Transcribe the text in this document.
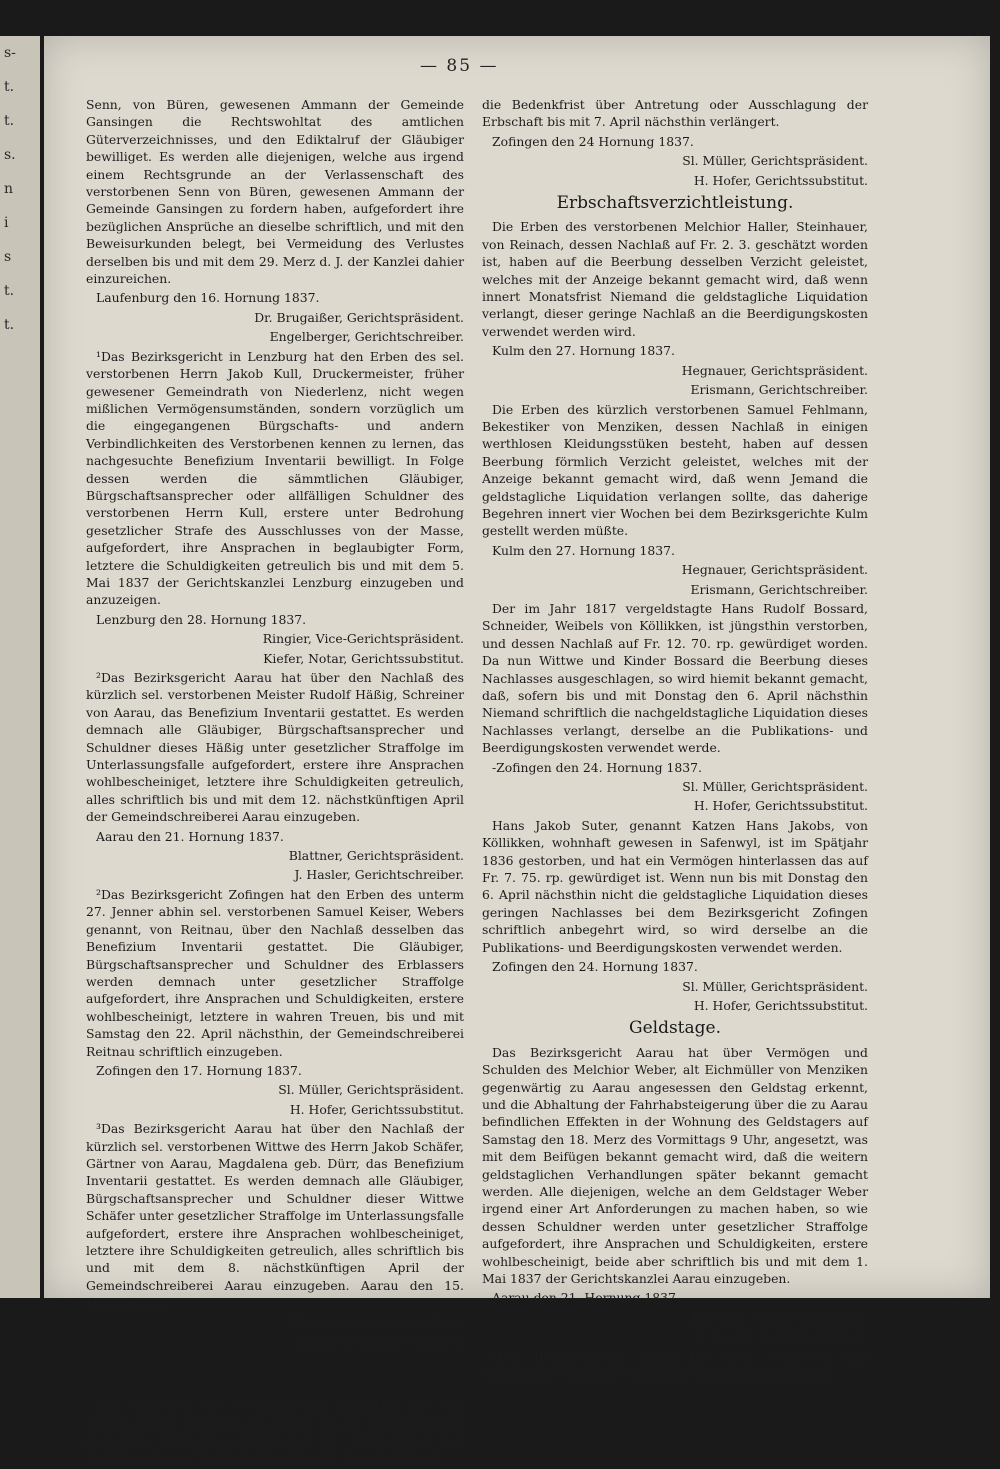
s-
t.
t.
s.
n
i
s
t.
t.
— 85 —

Senn, von Büren, gewesenen Ammann der Gemeinde Gansingen die Rechtswohltat des amtlichen Güterverzeichnisses, und den Ediktalruf der Gläubiger bewilliget. Es werden alle diejenigen, welche aus irgend einem Rechtsgrunde an der Verlassenschaft des verstorbenen Senn von Büren, gewesenen Ammann der Gemeinde Gansingen zu fordern haben, aufgefordert ihre bezüglichen Ansprüche an dieselbe schriftlich, und mit den Beweisurkunden belegt, bei Vermeidung des Verlustes derselben bis und mit dem 29. Merz d. J. der Kanzlei dahier einzureichen.

Laufenburg den 16. Hornung 1837.

Dr. Brugaißer, Gerichtspräsident.

Engelberger, Gerichtschreiber.

¹Das Bezirksgericht in Lenzburg hat den Erben des sel. verstorbenen Herrn Jakob Kull, Druckermeister, früher gewesener Gemeindrath von Niederlenz, nicht wegen mißlichen Vermögensumständen, sondern vorzüglich um die eingegangenen Bürgschafts- und andern Verbindlichkeiten des Verstorbenen kennen zu lernen, das nachgesuchte Benefizium Inventarii bewilligt. In Folge dessen werden die sämmtlichen Gläubiger, Bürgschaftsansprecher oder allfälligen Schuldner des verstorbenen Herrn Kull, erstere unter Bedrohung gesetzlicher Strafe des Ausschlusses von der Masse, aufgefordert, ihre Ansprachen in beglaubigter Form, letztere die Schuldigkeiten getreulich bis und mit dem 5. Mai 1837 der Gerichtskanzlei Lenzburg einzugeben und anzuzeigen.

Lenzburg den 28. Hornung 1837.

Ringier, Vice-Gerichtspräsident.

Kiefer, Notar, Gerichtssubstitut.

²Das Bezirksgericht Aarau hat über den Nachlaß des kürzlich sel. verstorbenen Meister Rudolf Häßig, Schreiner von Aarau, das Benefizium Inventarii gestattet. Es werden demnach alle Gläubiger, Bürgschaftsansprecher und Schuldner dieses Häßig unter gesetzlicher Straffolge im Unterlassungsfalle aufgefordert, erstere ihre Ansprachen wohlbescheiniget, letztere ihre Schuldigkeiten getreulich, alles schriftlich bis und mit dem 12. nächstkünftigen April der Gemeindschreiberei Aarau einzugeben.

Aarau den 21. Hornung 1837.

Blattner, Gerichtspräsident.

J. Hasler, Gerichtschreiber.

²Das Bezirksgericht Zofingen hat den Erben des unterm 27. Jenner abhin sel. verstorbenen Samuel Keiser, Webers genannt, von Reitnau, über den Nachlaß desselben das Benefizium Inventarii gestattet. Die Gläubiger, Bürgschaftsansprecher und Schuldner des Erblassers werden demnach unter gesetzlicher Straffolge aufgefordert, ihre Ansprachen und Schuldigkeiten, erstere wohlbescheinigt, letztere in wahren Treuen, bis und mit Samstag den 22. April nächsthin, der Gemeindschreiberei Reitnau schriftlich einzugeben.

Zofingen den 17. Hornung 1837.

Sl. Müller, Gerichtspräsident.

H. Hofer, Gerichtssubstitut.

³Das Bezirksgericht Aarau hat über den Nachlaß der kürzlich sel. verstorbenen Wittwe des Herrn Jakob Schäfer, Gärtner von Aarau, Magdalena geb. Dürr, das Benefizium Inventarii gestattet. Es werden demnach alle Gläubiger, Bürgschaftsansprecher und Schuldner dieser Wittwe Schäfer unter gesetzlicher Straffolge im Unterlassungsfalle aufgefordert, erstere ihre Ansprachen wohlbescheiniget, letztere ihre Schuldigkeiten getreulich, alles schriftlich bis und mit dem 8. nächstkünftigen April der Gemeindschreiberei Aarau einzugeben. Aarau den 15. Hornung 1837.

Blattner, Gerichtspräsident.

J. Hasler, Gerichtschreiber.

Verlängerung des Benefizium Inventarii.

Auf Ansuchen des Gemeindraths Köllikken hat das Bezirksgericht Zofingen den Erben des zu Nigglishäusern Gemeinde Oftringen verstorbenen Hs. Jakob Suter, von Köllikken dessen Nachlaß unter Benefiz. Inventarii liegt,

die Bedenkfrist über Antretung oder Ausschlagung der Erbschaft bis mit 7. April nächsthin verlängert.

Zofingen den 24 Hornung 1837.

Sl. Müller, Gerichtspräsident.

H. Hofer, Gerichtssubstitut.

Erbschaftsverzichtleistung.

Die Erben des verstorbenen Melchior Haller, Steinhauer, von Reinach, dessen Nachlaß auf Fr. 2. 3. geschätzt worden ist, haben auf die Beerbung desselben Verzicht geleistet, welches mit der Anzeige bekannt gemacht wird, daß wenn innert Monatsfrist Niemand die geldstagliche Liquidation verlangt, dieser geringe Nachlaß an die Beerdigungskosten verwendet werden wird.

Kulm den 27. Hornung 1837.

Hegnauer, Gerichtspräsident.

Erismann, Gerichtschreiber.

Die Erben des kürzlich verstorbenen Samuel Fehlmann, Bekestiker von Menziken, dessen Nachlaß in einigen werthlosen Kleidungsstüken besteht, haben auf dessen Beerbung förmlich Verzicht geleistet, welches mit der Anzeige bekannt gemacht wird, daß wenn Jemand die geldstagliche Liquidation verlangen sollte, das daherige Begehren innert vier Wochen bei dem Bezirksgerichte Kulm gestellt werden müßte.

Kulm den 27. Hornung 1837.

Hegnauer, Gerichtspräsident.

Erismann, Gerichtschreiber.

Der im Jahr 1817 vergeldstagte Hans Rudolf Bossard, Schneider, Weibels von Köllikken, ist jüngsthin verstorben, und dessen Nachlaß auf Fr. 12. 70. rp. gewürdiget worden. Da nun Wittwe und Kinder Bossard die Beerbung dieses Nachlasses ausgeschlagen, so wird hiemit bekannt gemacht, daß, sofern bis und mit Donstag den 6. April nächsthin Niemand schriftlich die nachgeldstagliche Liquidation dieses Nachlasses verlangt, derselbe an die Publikations- und Beerdigungskosten verwendet werde.

-Zofingen den 24. Hornung 1837.

Sl. Müller, Gerichtspräsident.

H. Hofer, Gerichtssubstitut.

Hans Jakob Suter, genannt Katzen Hans Jakobs, von Köllikken, wohnhaft gewesen in Safenwyl, ist im Spätjahr 1836 gestorben, und hat ein Vermögen hinterlassen das auf Fr. 7. 75. rp. gewürdiget ist. Wenn nun bis mit Donstag den 6. April nächsthin nicht die geldstagliche Liquidation dieses geringen Nachlasses bei dem Bezirksgericht Zofingen schriftlich anbegehrt wird, so wird derselbe an die Publikations- und Beerdigungskosten verwendet werden.

Zofingen den 24. Hornung 1837.

Sl. Müller, Gerichtspräsident.

H. Hofer, Gerichtssubstitut.

Geldstage.

Das Bezirksgericht Aarau hat über Vermögen und Schulden des Melchior Weber, alt Eichmüller von Menziken gegenwärtig zu Aarau angesessen den Geldstag erkennt, und die Abhaltung der Fahrhabsteigerung über die zu Aarau befindlichen Effekten in der Wohnung des Geldstagers auf Samstag den 18. Merz des Vormittags 9 Uhr, angesetzt, was mit dem Beifügen bekannt gemacht wird, daß die weitern geldstaglichen Verhandlungen später bekannt gemacht werden. Alle diejenigen, welche an dem Geldstager Weber irgend einer Art Anforderungen zu machen haben, so wie dessen Schuldner werden unter gesetzlicher Straffolge aufgefordert, ihre Ansprachen und Schuldigkeiten, erstere wohlbescheinigt, beide aber schriftlich bis und mit dem 1. Mai 1837 der Gerichtskanzlei Aarau einzugeben.

Aarau den 21. Hornung 1837.

Blattner, Gerichtspräsident.

J. Hasler, Gerichtschreiber.

¹Das Bezirksgericht Aarau hat über Vermögen und Schulden des Kaspar Suter, Hans Jakobs im Bindstal zu
